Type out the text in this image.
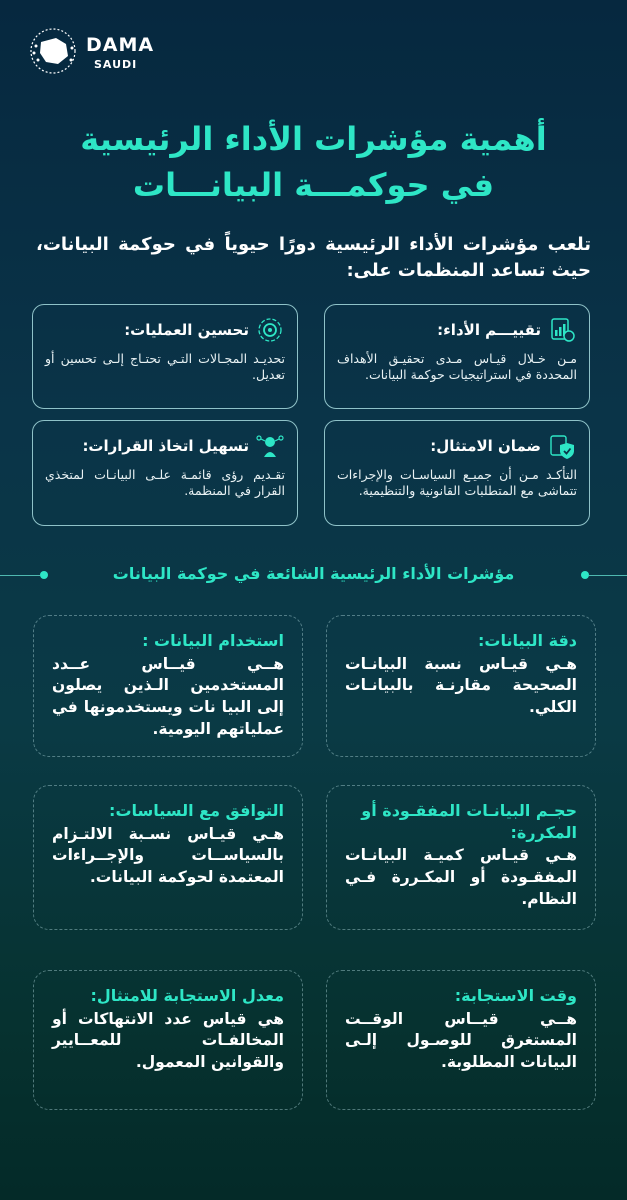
DAMA
SAUDI
أهمية مؤشرات الأداء الرئيسية
في حوكمـــة البيانـــات
تلعب مؤشرات الأداء الرئيسية دورًا حيوياً في حوكمة البيانات، حيث تساعد المنظمات على:
تقييـــم الأداء:
مـن خـلال قيـاس مـدى تحقيـق الأهداف المحددة في استراتيجيات حوكمة البيانات.
تحسين العمليات:
تحديـد المجـالات التـي تحتـاج إلـى تحسين أو تعديل.
ضمان الامتثال:
التأكـد مـن أن جميـع السياسـات والإجراءات تتماشى مع المتطلبات القانونية والتنظيمية.
تسهيل اتخاذ القرارات:
تقـديم رؤى قائمـة علـى البيانـات لمتخذي القرار في المنظمة.
مؤشرات الأداء الرئيسية الشائعة في حوكمة البيانات
دقة البيانات:
هـي قيـاس نسبة البيانـات الصحيحة مقارنـة بالبيانـات الكلي.
استخدام البيانات :
هــي قيــاس عــدد المستخدمين الـذين يصلون إلى البيا نات ويستخدمونها في عملياتهم اليومية.
حجـم البيانـات المفقـودة أو المكررة:
هـي قيـاس كميـة البيانـات المفقـودة أو المكـررة فـي النظام.
التوافق مع السياسات:
هـي قيـاس نسـبة الالتـزام بالسياســات والإجــراءات المعتمدة لحوكمة البيانات.
وقت الاستجابة:
هــي قيــاس الوقــت المستغرق للوصـول إلـى البيانات المطلوبة.
معدل الاستجابة للامتثال:
هي قياس عدد الانتهاكات أو المخالفـات للمعــايير والقوانين المعمول.
